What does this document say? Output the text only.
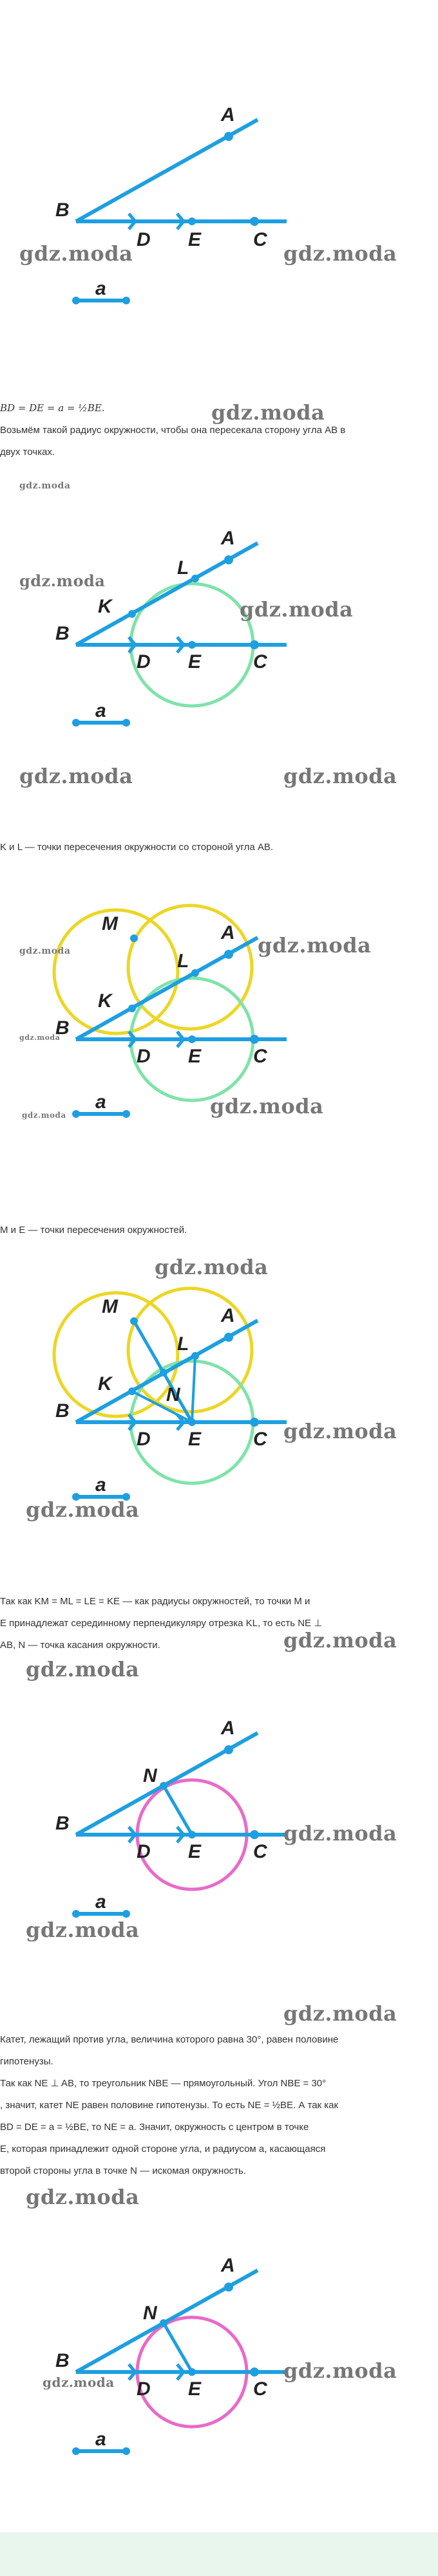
A
B
D E	C
a
gdz.moda	gdz.moda
BD = DE = a = ½BE.	gdz.moda
Возьмём такой радиус окружности, чтобы она пересекала сторону угла AB в
двух точках.
gdz.moda
A
L
K
B
D E	C
a
gdz.moda
gdz.moda
gdz.moda	gdz.moda
K и L — точки пересечения окружности со стороной угла AB.
M	A
L
K
B
D E	C
a
gdz.moda	gdz.moda
gdz.moda
gdz.moda	gdz.moda
M и E — точки пересечения окружностей.
gdz.moda
M	A
L
K
N
B
D E	C
a
gdz.moda
gdz.moda
Так как KM = ML = LE = KE — как радиусы окружностей, то точки M и
E принадлежат серединному перпендикуляру отрезка KL, то есть NE ⊥
AB, N — точка касания окружности.	gdz.moda
gdz.moda
A
N
B
D E	C
a
gdz.moda
gdz.moda
gdz.moda
Катет, лежащий против угла, величина которого равна 30°, равен половине
гипотенузы.
Так как NE ⊥ AB, то треугольник NBE — прямоугольный. Угол NBE = 30°
, значит, катет NE равен половине гипотенузы. То есть NE = ½BE. А так как
BD = DE = a = ½BE, то NE = a. Значит, окружность с центром в точке
E, которая принадлежит одной стороне угла, и радиусом a, касающаяся
второй стороны угла в точке N — искомая окружность.
gdz.moda
A
N
B
D E	C
a
gdz.moda
gdz.moda
